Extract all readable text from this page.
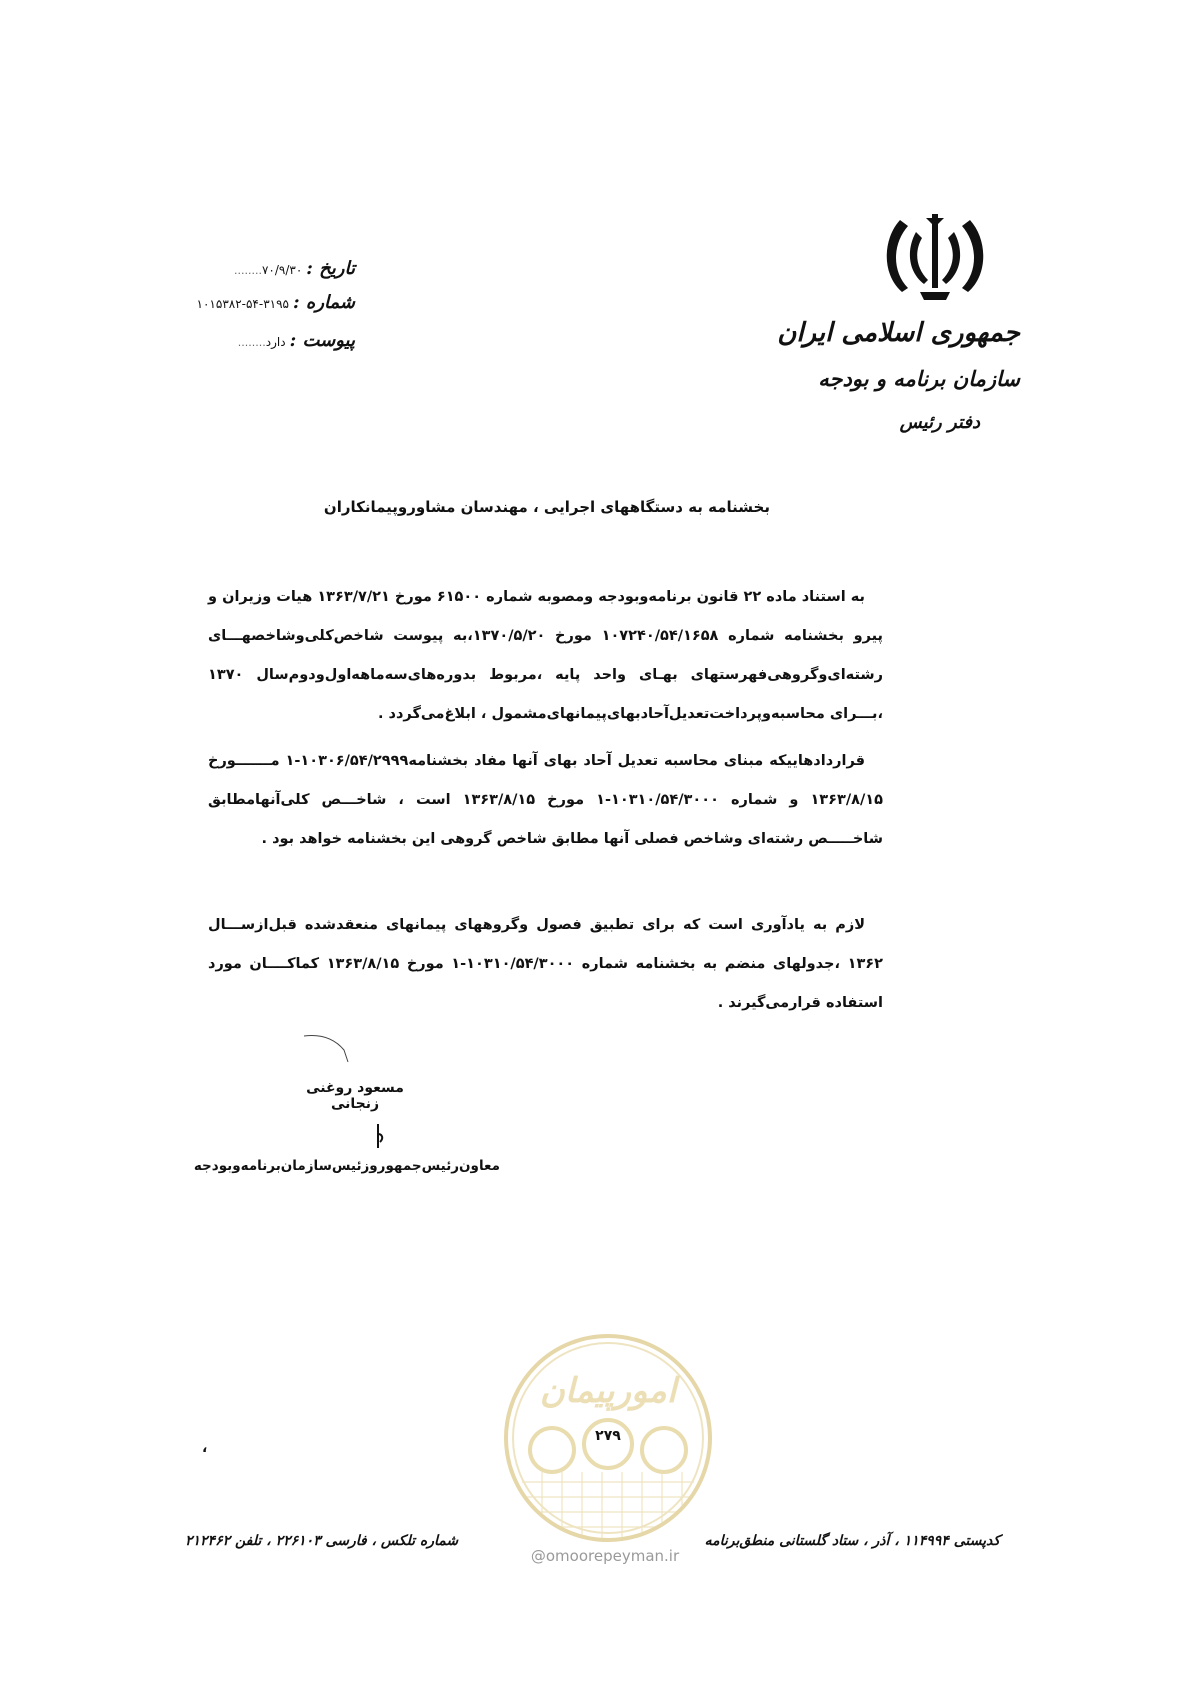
جمهوری اسلامی ایران
سازمان برنامه و بودجه
دفتر رئیس
تاریخ :
۷۰/۹/۳۰
........
شماره :
۱۰۱۵۳۸۲-۵۴-۳۱۹۵
پیوست :
دارد
........
بخشنامه به دستگاههای اجرایی ، مهندسان مشاوروپیمانکاران

به استناد ماده ۲۲ قانون برنامه‌وبودجه ومصوبه شماره ۶۱۵۰۰ مورخ ۱۳۶۳/۷/۲۱ هیات وزیران و پیرو بخشنامه شماره ۱۰۷۲۴۰/۵۴/۱۶۵۸ مورخ ۱۳۷۰/۵/۲۰،به پیوست شاخص‌کلی‌وشاخصهـــای رشته‌ای‌وگروهی‌فهرستهای بهـای واحد پایه ،مربوط بدوره‌های‌سه‌ماهه‌اول‌ودوم‌سال ۱۳۷۰ ،بـــرای محاسبه‌وپرداخت‌تعدیل‌آحادبهای‌پیمانهای‌مشمول ، ابلاغ‌می‌گردد .

قراردادهاییکه مبنای محاسبه تعدیل آحاد بهای آنها مفاد بخشنامه۱۰۳۰۶/۵۴/۲۹۹۹-۱ مـــــــورخ ۱۳۶۳/۸/۱۵ و شماره ۱۰۳۱۰/۵۴/۳۰۰۰-۱ مورخ ۱۳۶۳/۸/۱۵ است ، شاخـــص کلی‌آنهامطابق شاخـــــص رشته‌ای وشاخص فصلی آنها مطابق شاخص گروهی این بخشنامه خواهد بود .

لازم به یادآوری است که برای تطبیق فصول وگروههای پیمانهای منعقدشده قبل‌ازســـال ۱۳۶۲ ،جدولهای منضم به بخشنامه شماره ۱۰۳۱۰/۵۴/۳۰۰۰-۱ مورخ ۱۳۶۳/۸/۱۵ کماکــــان مورد استفاده قرارمی‌گیرند .

مسعود روغنی زنجانی
معاون‌رئیس‌جمهوروزئیس‌سازمان‌برنامه‌وبودجه
امورپیمان
۲۷۹
@omoorepeyman.ir
،
کدپستی ۱۱۴۹۹۴ ، آذر ، ستاد گلستانی منطق‌برنامه
شماره تلکس ، فارسی ۲۲۶۱۰۳ ، تلفن ۲۱۲۴۶۲
